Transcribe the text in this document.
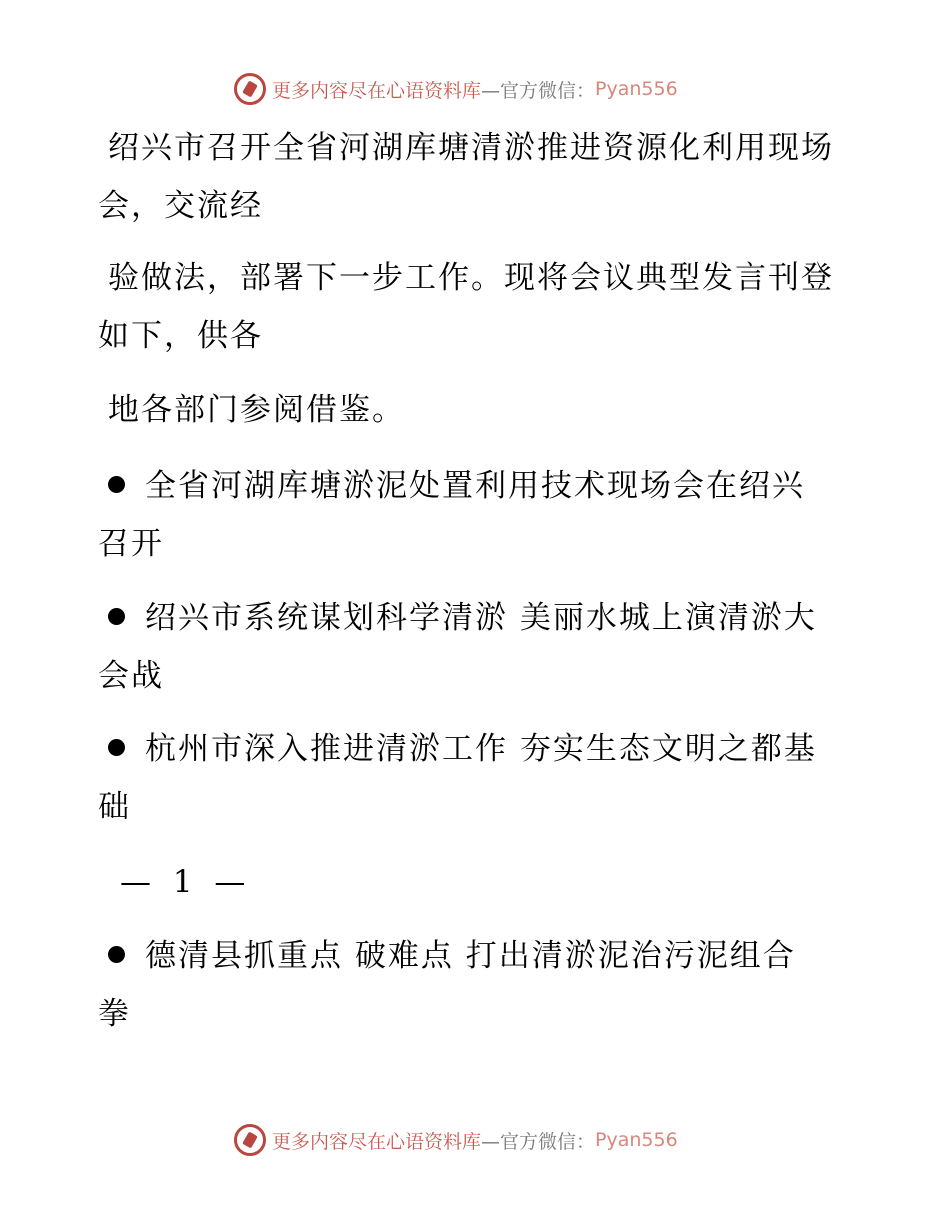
更多内容尽在心语资料库 —官方微信： Pyan556
绍兴市召开全省河湖库塘清淤推进资源化利用现场
验做法，部署下一步工作。现将会议典型发言刊登
地各部门参阅借鉴。
全省河湖库塘淤泥处置利用技术现场会在绍兴
召开
绍兴市系统谋划科学清淤 美丽水城上演清淤大
会战
杭州市深入推进清淤工作 夯实生态文明之都基
础
— 1 —
德清县抓重点 破难点 打出清淤泥治污泥组合
拳
更多内容尽在心语资料库 —官方微信： Pyan556
会，交流经
如下，供各
